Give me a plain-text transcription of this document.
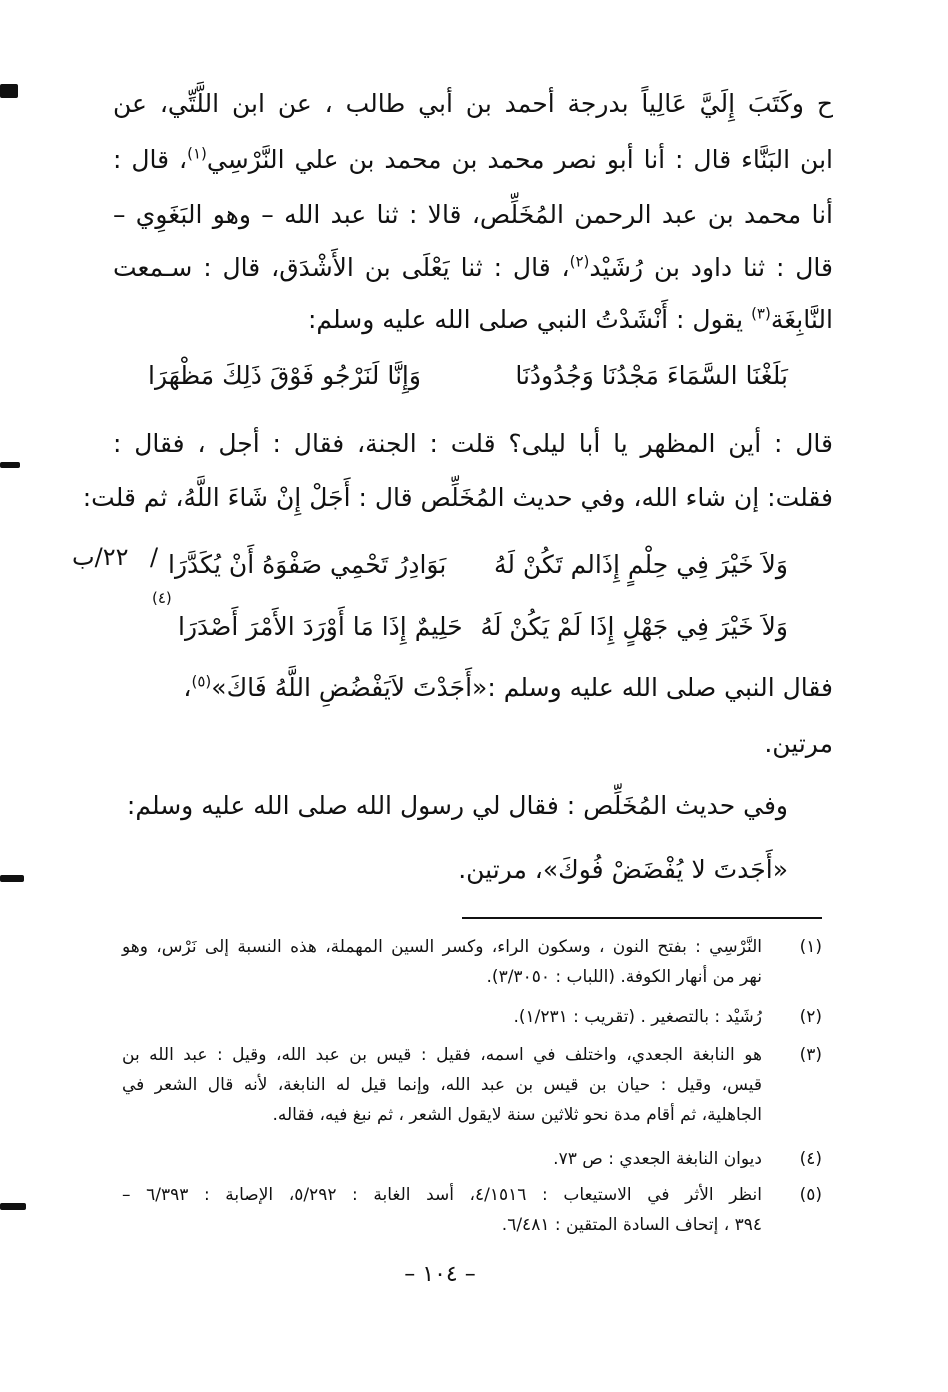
ح وكَتَبَ إِلَيَّ عَالِياً بدرجة أحمد بن أبي طالب ، عن ابن اللَّتِّي، عن
ابن البَنَّاء قال : أنا أبو نصر محمد بن محمد بن علي النَّرْسِي$^{(١)}$، قال :
أنا محمد بن عبد الرحمن المُخَلِّص، قالا : ثنا عبد الله – وهو البَغَوِي –
قال : ثنا داود بن رُشَيْد$^{(٢)}$، قال : ثنا يَعْلَى بن الأَشْدَق، قال : سـمعت
النَّابِغَة$^{(٣)}$ يقول : أَنْشَدْتُ النبي صلى الله عليه وسلم:
بَلَغْنَا السَّمَاءَ مَجْدُنَا وَجُدُودُنَا
وَإِنَّا لَنَرْجُو فَوْقَ ذَلِكَ مَظْهَرَا
قال : أين المظهر يا أبا ليلى؟ قلت : الجنة، فقال : أجل ، فقال :
فقلت: إن شاء الله، وفي حديث المُخَلِّص قال : أَجَلْ إِنْ شَاءَ اللَّهُ، ثم قلت:
وَلاَ خَيْرَ فِي حِلْمٍ إِذَالم تَكُنْ لَهُ
بَوَادِرُ تَحْمِي صَفْوَهُ أَنْ يُكَدَّرَا
/
٢٢/ب
وَلاَ خَيْرَ فِي جَهْلٍ إِذَا لَمْ يَكُنْ لَهُ
حَلِيمٌ إِذَا مَا أَوْرَدَ الأَمْرَ أَصْدَرَا
(٤)
فقال النبي صلى الله عليه وسلم :«أَجَدْتَ لاَيَفْضُضِ اللَّهُ فَاكَ»$^{(٥)}$،
مرتين.
وفي حديث المُخَلِّص : فقال لي رسول الله صلى الله عليه وسلم:
«أَجَدتَ لا يُفْضَضْ فُوكَ»، مرتين.
(١)
النَّرْسِي : بفتح النون ، وسكون الراء، وكسر السين المهملة، هذه النسبة إلى نَرْس، وهو
نهر من أنهار الكوفة. (اللباب : ٣/٣٠٥٠).
(٢)
رُشَيْد : بالتصغير . (تقريب : ١/٢٣١).
(٣)
هو النابغة الجعدي، واختلف في اسمه، فقيل : قيس بن عبد الله، وقيل : عبد الله بن
قيس، وقيل : حيان بن قيس بن عبد الله، وإنما قيل له النابغة، لأنه قال الشعر في
الجاهلية، ثم أقام مدة نحو ثلاثين سنة لايقول الشعر ، ثم نبغ فيه، فقاله.
(٤)
ديوان النابغة الجعدي : ص ٧٣.
(٥)
انظر الأثر في الاستيعاب : ٤/١٥١٦، أسد الغابة : ٥/٢٩٢، الإصابة : ٦/٣٩٣ –
٣٩٤ ، إتحاف السادة المتقين : ٦/٤٨١.
– ١٠٤ –
